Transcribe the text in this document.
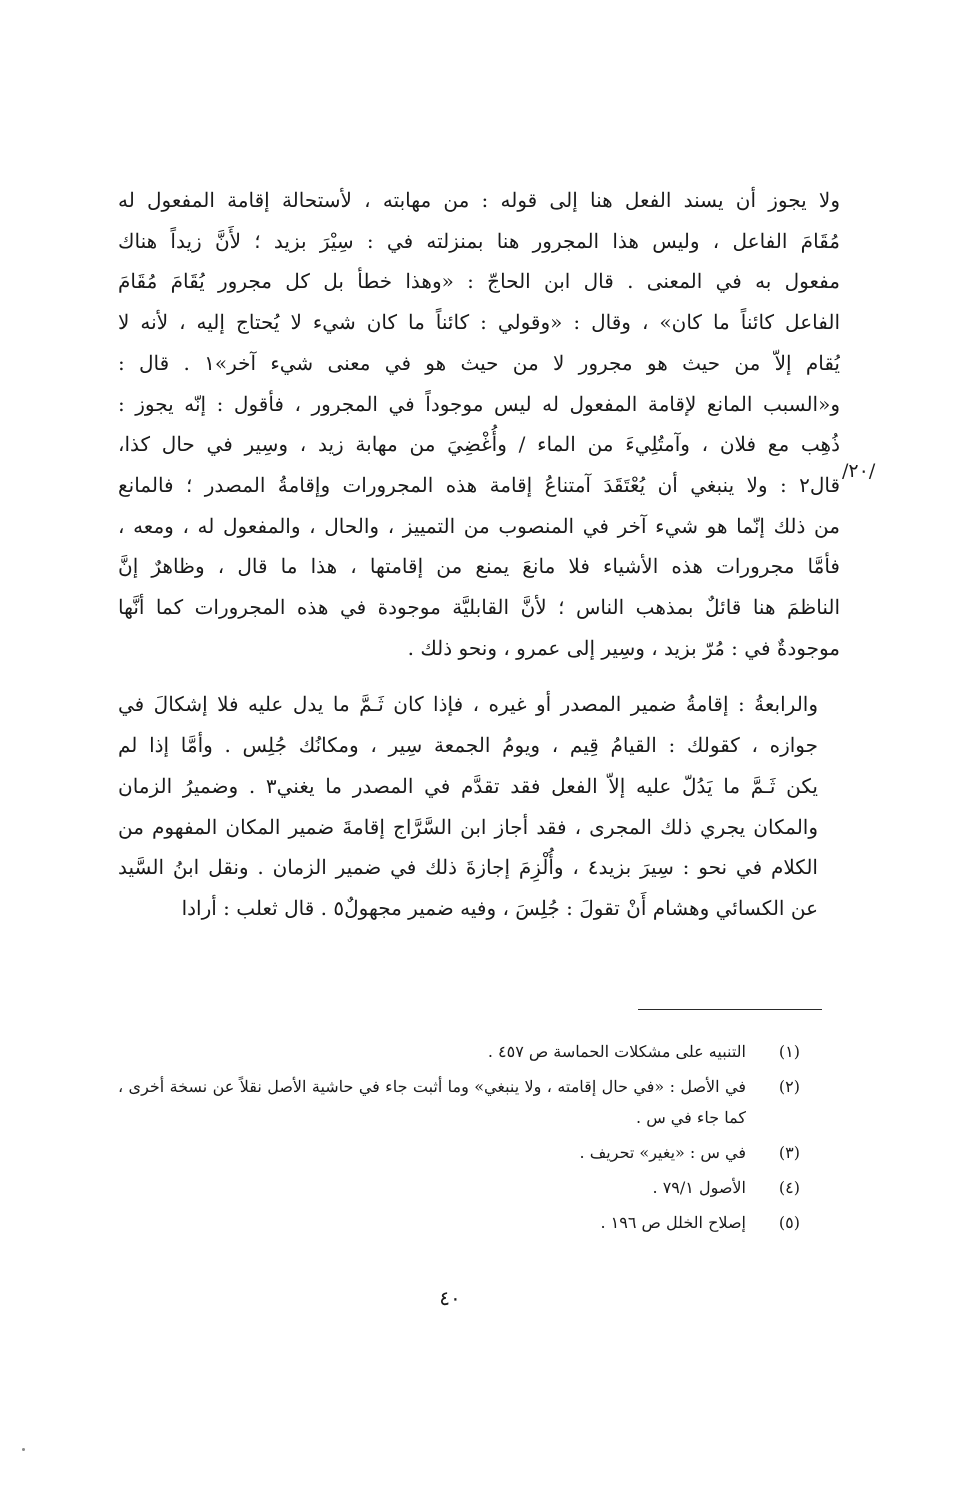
ولا يجوز أن يسند الفعل هنا إلى قوله : من مهابته ، لأستحالة إقامة المفعول له
مُقَامَ الفاعل ، وليس هذا المجرور هنا بمنزلته في : سِيْرَ بزيد ؛ لأَنَّ زيداً هناك
مفعول به في المعنى . قال ابن الحاجّ : «وهذا خطأ بل كل مجرور يُقَامَ مُقَامَ
الفاعل كائناً ما كان» ، وقال : «وقولي : كائناً ما كان شيء لا يُحتاج إليه ، لأنه لا
يُقام إلاّ من حيث هو مجرور لا من حيث هو في معنى شيء آخر»١ . قال :
و«السبب المانع لإقامة المفعول له ليس موجوداً في المجرور ، فأقول : إنّه يجوز :
ذُهِب مع فلان ، وآمتُلِيءَ من الماء / وأُغْضِيَ من مهابة زيد ، وسِير في حال كذا،
قال٢ : ولا ينبغي أن يُعْتَقَدَ آمتناعُ إقامة هذه المجرورات وإقامةُ المصدر ؛ فالمانع
من ذلك إنّما هو شيء آخر في المنصوب من التمييز ، والحال ، والمفعول له ، ومعه ،
فأمَّا مجرورات هذه الأشياء فلا مانعَ يمنع من إقامتها ، هذا ما قال ، وظاهرٌ إنَّ
الناظمَ هنا قائلٌ بمذهب الناس ؛ لأنَّ القابليَّة موجودة في هذه المجرورات كما أنَّها
موجودةٌ في : مُرّ بزيد ، وسِير إلى عمرو ، ونحو ذلك .

والرابعةُ : إقامةُ ضمير المصدر أو غيره ، فإذا كان ثَـمَّ ما يدل عليه فلا إشكالَ في
جوازه ، كقولك : القيامُ قِيم ، ويومُ الجمعة سِير ، ومكانُك جُلِس . وأمَّا إذا لم
يكن ثَـمَّ ما يَدُلّ عليه إلاّ الفعل فقد تقدَّم في المصدر ما يغني٣ . وضميرُ الزمان
والمكان يجري ذلك المجرى ، فقد أجاز ابن السَّرَّاج إقامةَ ضمير المكان المفهوم من
الكلام في نحو : سِيرَ بزيد٤ ، وأُلْزِمَ إجازةَ ذلك في ضمير الزمان . ونقل ابنُ السَّيد
عن الكسائي وهشام أَنْ تقولَ : جُلِسَ ، وفيه ضمير مجهولٌ٥ . قال ثعلب : أرادا

/٢٠/
(١)
التنبيه على مشكلات الحماسة ص ٤٥٧ .
(٢)
في الأصل : «في حال إقامته ، ولا ينبغي» وما أثبت جاء في حاشية الأصل نقلاً عن نسخة أخرى ، كما جاء في س .
(٣)
في س : «يغير» تحريف .
(٤)
الأصول ٧٩/١ .
(٥)
إصلاح الخلل ص ١٩٦ .
٤٠
